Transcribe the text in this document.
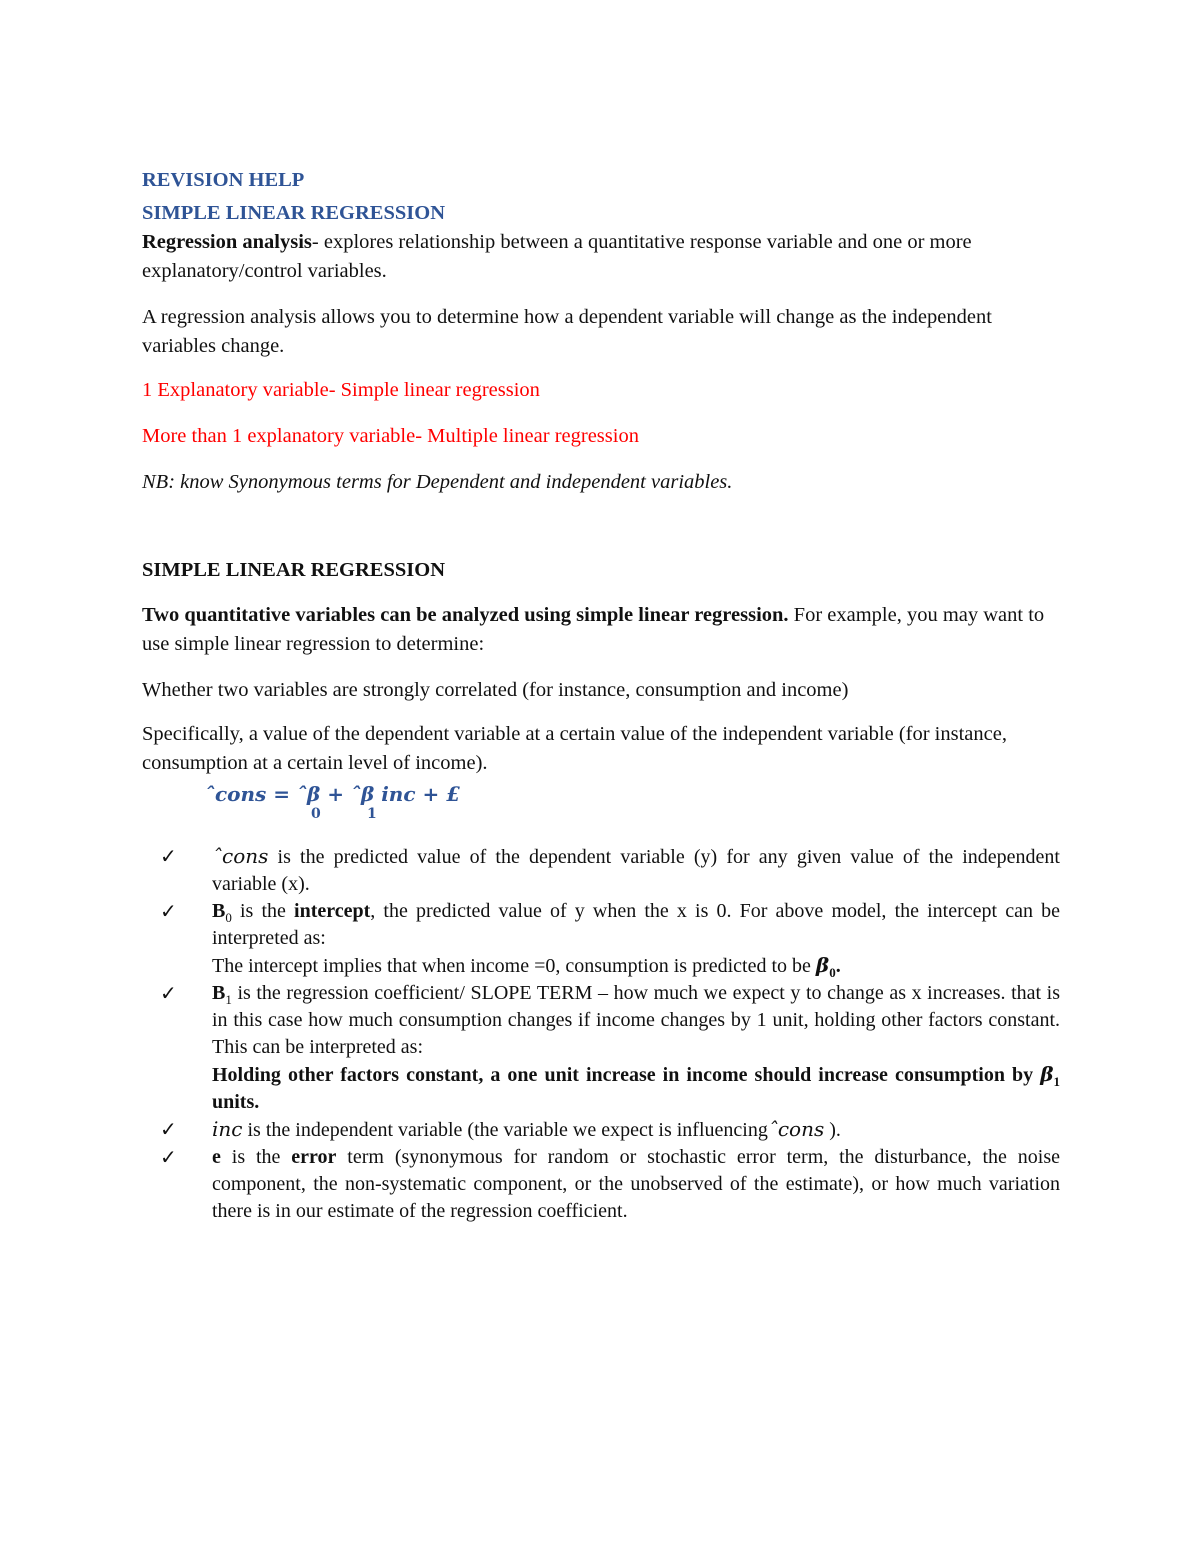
REVISION HELP
SIMPLE LINEAR REGRESSION

Regression analysis- explores relationship between a quantitative response variable and one or more explanatory/control variables.

A regression analysis allows you to determine how a dependent variable will change as the independent variables change.

1 Explanatory variable- Simple linear regression

More than 1 explanatory variable- Multiple linear regression

NB: know Synonymous terms for Dependent and independent variables.

SIMPLE LINEAR REGRESSION

Two quantitative variables can be analyzed using simple linear regression. For example, you may want to use simple linear regression to determine:

Whether two variables are strongly correlated (for instance, consumption and income)

Specifically, a value of the dependent variable at a certain value of the independent variable (for instance, consumption at a certain level of income).

ˆcons = ˆβ + ˆβ inc + £
0	1
✓ ˆcons is the predicted value of the dependent variable (y) for any given value of the independent variable (x).
✓ $B_0$ is the intercept, the predicted value of y when the x is 0. For above model, the intercept can be interpreted as:
The intercept implies that when income =0, consumption is predicted to be $\beta_0$.
✓ $B_1$ is the regression coefficient/ SLOPE TERM – how much we expect y to change as x increases. that is in this case how much consumption changes if income changes by 1 unit, holding other factors constant. This can be interpreted as:
Holding other factors constant, a one unit increase in income should increase consumption by $\beta_1$ units.
✓ inc is the independent variable (the variable we expect is influencingˆcons ).
✓ e is the error term (synonymous for random or stochastic error term, the disturbance, the noise component, the non-systematic component, or the unobserved of the estimate), or how much variation there is in our estimate of the regression coefficient.
